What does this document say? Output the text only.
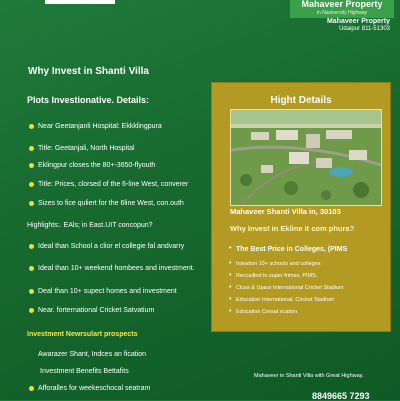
Mahaveer Property
in Nasiversity Highway
Mahaveer Property
Udaipur 811-51303
Why Invest in Shanti Villa
Plots Investionative. Details:
Near Geetanjanli Hospital: Ekkklingpura
Title: Geetanjali, North Hospital
Eklingpur closes the 80+-3650-flyouth
Title: Prices, clorsed of the 6-line West, converer
Sizes to fice quliert for the 6line West, con.outh
Highlights:. EAls; in East.UIT concopun?
Ideal than School a clior el collegie fal andvarry
Ideal than 10+ weekend hombees and investment.
Deal than 10+ supect homes and investment
Near. forternational Cricket Satvatium
Investment Newrsulart prospects
Awarazer Shant, Indces an fication
Investment Benefits Bettafits
Afforalles for weekeschocal seatram
Hight Details
Mahaveer Shanti Villa in, 30103
Why Invest in Ekline it com phura?
• The Best Price in Colleges, (PIMS
• Inteation 10+ schools and colleges
• Reccailled to super frimes, PIMS.
• Cluss & Upaur International Cricket Stadium
• Education International, Cricket Stadium
• Education Cresat scation
Mahaveer in Shanti Villa with Great Highway.
8849665 7293
